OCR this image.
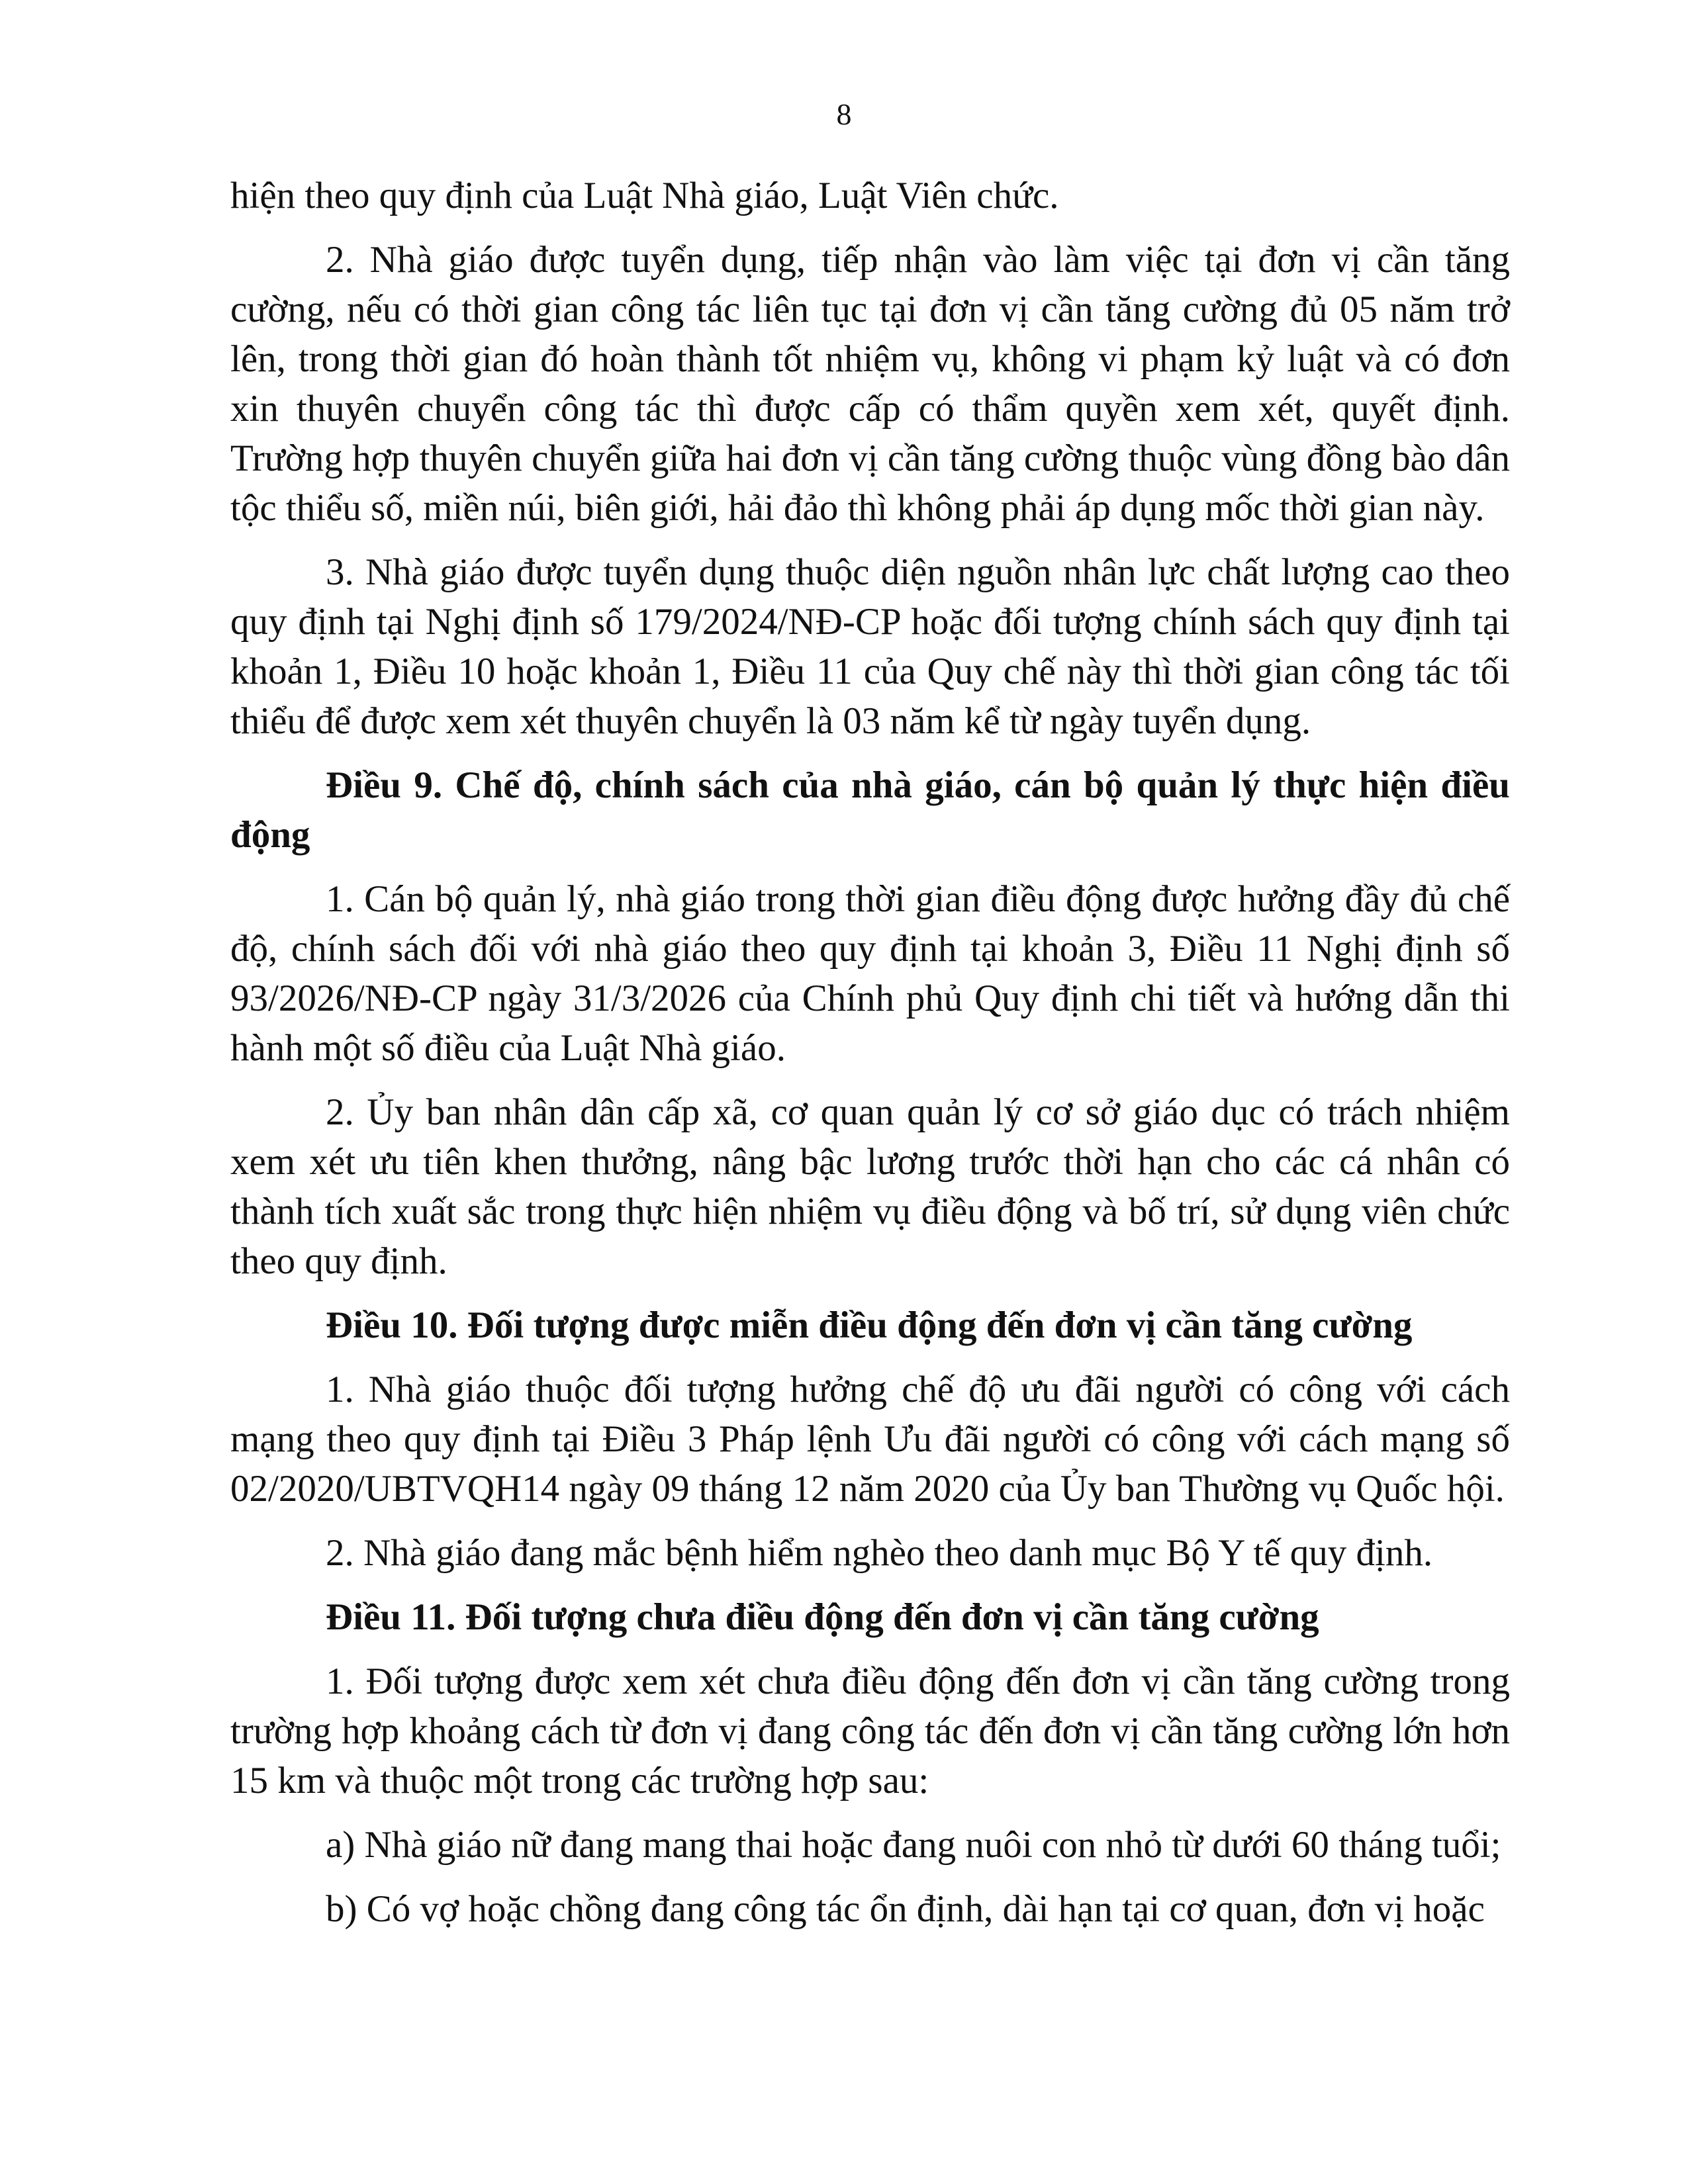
8

hiện theo quy định của Luật Nhà giáo, Luật Viên chức.

2. Nhà giáo được tuyển dụng, tiếp nhận vào làm việc tại đơn vị cần tăng cường, nếu có thời gian công tác liên tục tại đơn vị cần tăng cường đủ 05 năm trở lên, trong thời gian đó hoàn thành tốt nhiệm vụ, không vi phạm kỷ luật và có đơn xin thuyên chuyển công tác thì được cấp có thẩm quyền xem xét, quyết định. Trường hợp thuyên chuyển giữa hai đơn vị cần tăng cường thuộc vùng đồng bào dân tộc thiểu số, miền núi, biên giới, hải đảo thì không phải áp dụng mốc thời gian này.

3. Nhà giáo được tuyển dụng thuộc diện nguồn nhân lực chất lượng cao theo quy định tại Nghị định số 179/2024/NĐ-CP hoặc đối tượng chính sách quy định tại khoản 1, Điều 10 hoặc khoản 1, Điều 11 của Quy chế này thì thời gian công tác tối thiểu để được xem xét thuyên chuyển là 03 năm kể từ ngày tuyển dụng.

Điều 9. Chế độ, chính sách của nhà giáo, cán bộ quản lý thực hiện điều động

1. Cán bộ quản lý, nhà giáo trong thời gian điều động được hưởng đầy đủ chế độ, chính sách đối với nhà giáo theo quy định tại khoản 3, Điều 11 Nghị định số 93/2026/NĐ-CP ngày 31/3/2026 của Chính phủ Quy định chi tiết và hướng dẫn thi hành một số điều của Luật Nhà giáo.

2. Ủy ban nhân dân cấp xã, cơ quan quản lý cơ sở giáo dục có trách nhiệm xem xét ưu tiên khen thưởng, nâng bậc lương trước thời hạn cho các cá nhân có thành tích xuất sắc trong thực hiện nhiệm vụ điều động và bố trí, sử dụng viên chức theo quy định.

Điều 10. Đối tượng được miễn điều động đến đơn vị cần tăng cường

1. Nhà giáo thuộc đối tượng hưởng chế độ ưu đãi người có công với cách mạng theo quy định tại Điều 3 Pháp lệnh Ưu đãi người có công với cách mạng số 02/2020/UBTVQH14 ngày 09 tháng 12 năm 2020 của Ủy ban Thường vụ Quốc hội.

2. Nhà giáo đang mắc bệnh hiểm nghèo theo danh mục Bộ Y tế quy định.

Điều 11. Đối tượng chưa điều động đến đơn vị cần tăng cường

1. Đối tượng được xem xét chưa điều động đến đơn vị cần tăng cường trong trường hợp khoảng cách từ đơn vị đang công tác đến đơn vị cần tăng cường lớn hơn 15 km và thuộc một trong các trường hợp sau:

a) Nhà giáo nữ đang mang thai hoặc đang nuôi con nhỏ từ dưới 60 tháng tuổi;

b) Có vợ hoặc chồng đang công tác ổn định, dài hạn tại cơ quan, đơn vị hoặc
